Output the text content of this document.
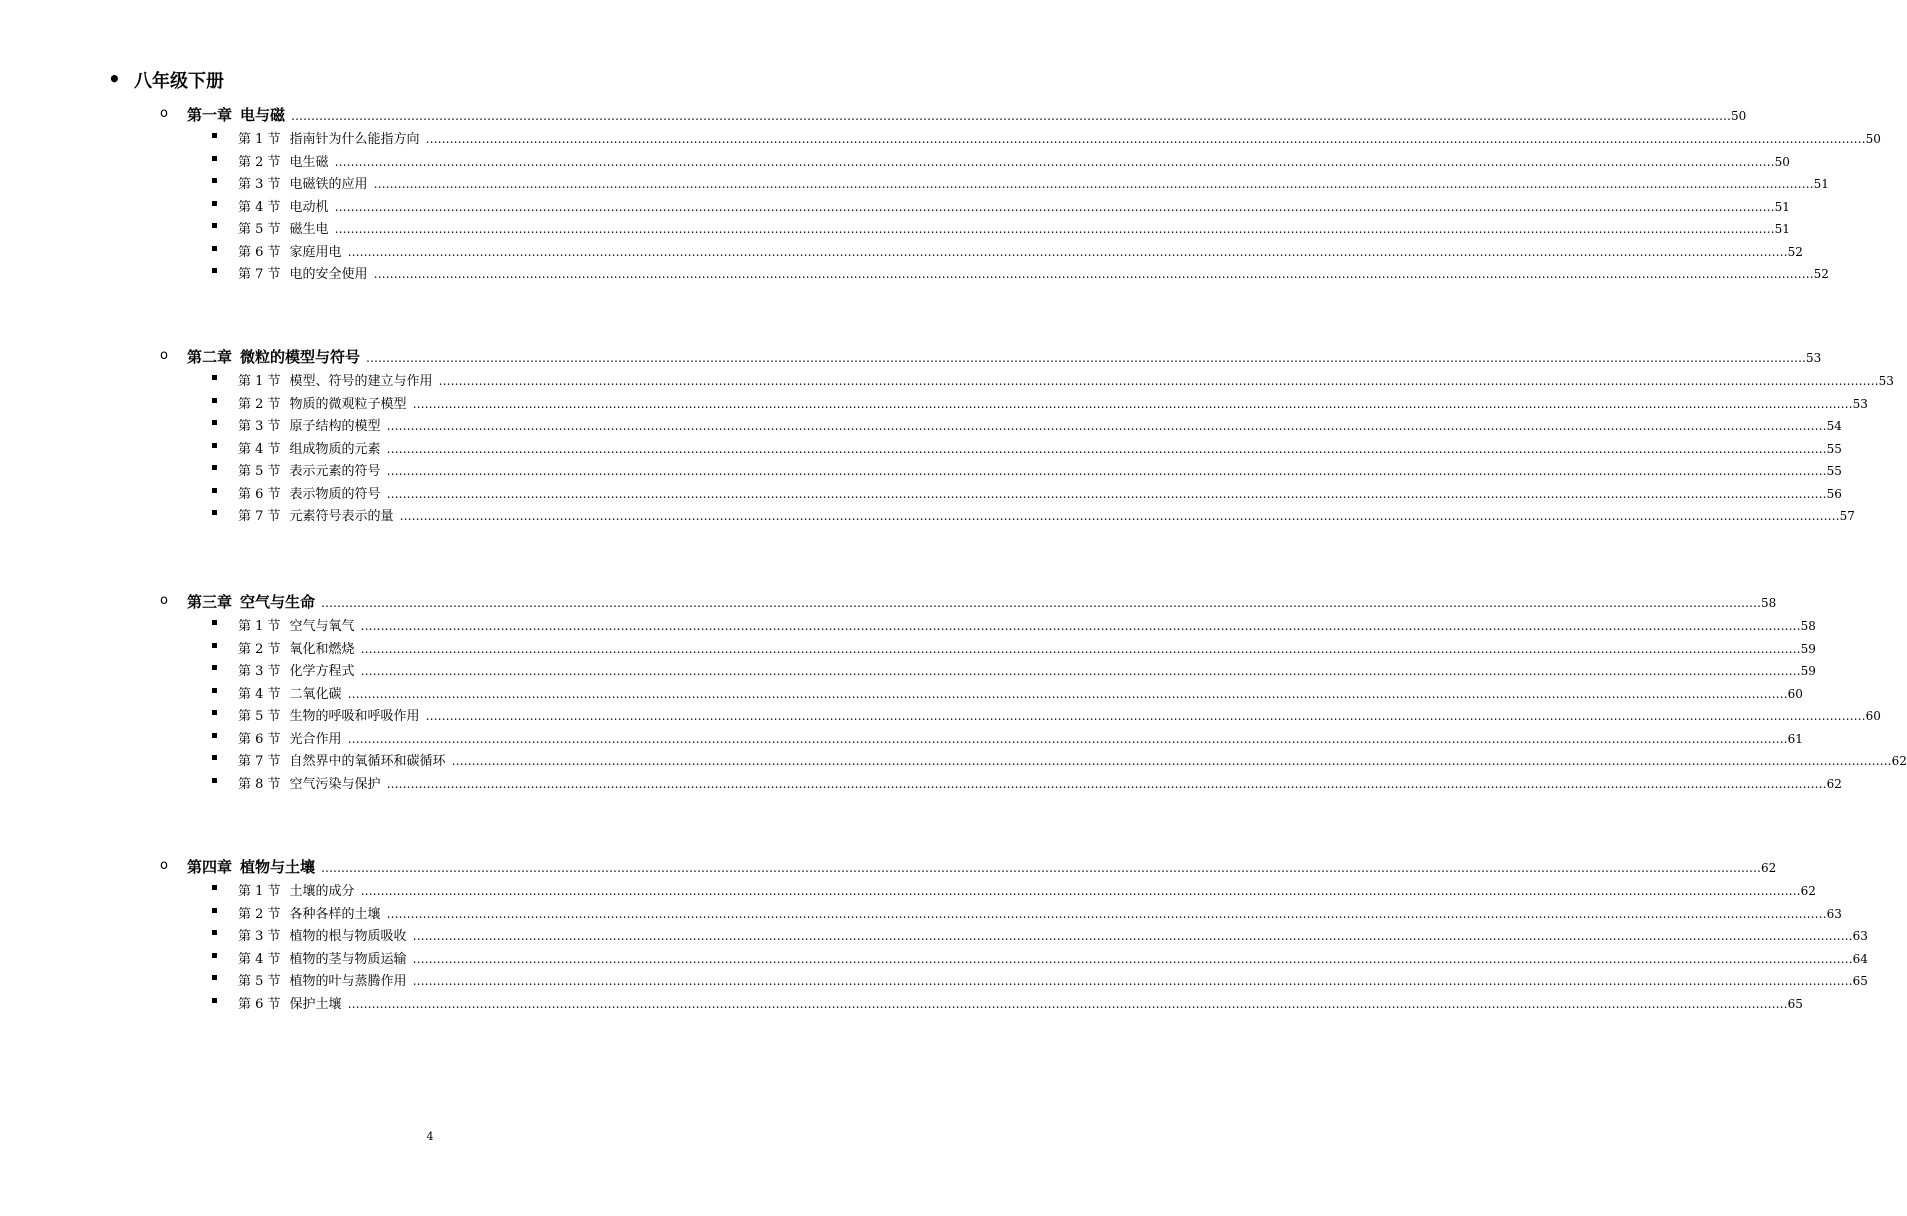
• 八年级下册
o 第一章 电与磁 ……………………………………………………………………………………………………………………………………………………………………………………………………………………………………………………………………………………………………………………………… 50
第 1 节 指南针为什么能指方向 ……………………………………………………………………………………………………………………………………………………………………………………………………………………………………………………………………………………………………………………………… 50
第 2 节 电生磁 ……………………………………………………………………………………………………………………………………………………………………………………………………………………………………………………………………………………………………………………………… 50
第 3 节 电磁铁的应用 ……………………………………………………………………………………………………………………………………………………………………………………………………………………………………………………………………………………………………………………………… 51
第 4 节 电动机 ……………………………………………………………………………………………………………………………………………………………………………………………………………………………………………………………………………………………………………………………… 51
第 5 节 磁生电 ……………………………………………………………………………………………………………………………………………………………………………………………………………………………………………………………………………………………………………………………… 51
第 6 节 家庭用电 ……………………………………………………………………………………………………………………………………………………………………………………………………………………………………………………………………………………………………………………………… 52
第 7 节 电的安全使用 ……………………………………………………………………………………………………………………………………………………………………………………………………………………………………………………………………………………………………………………………… 52
o 第二章 微粒的模型与符号 ……………………………………………………………………………………………………………………………………………………………………………………………………………………………………………………………………………………………………………………………… 53
第 1 节 模型、符号的建立与作用 ……………………………………………………………………………………………………………………………………………………………………………………………………………………………………………………………………………………………………………………………… 53
第 2 节 物质的微观粒子模型 ……………………………………………………………………………………………………………………………………………………………………………………………………………………………………………………………………………………………………………………………… 53
第 3 节 原子结构的模型 ……………………………………………………………………………………………………………………………………………………………………………………………………………………………………………………………………………………………………………………………… 54
第 4 节 组成物质的元素 ……………………………………………………………………………………………………………………………………………………………………………………………………………………………………………………………………………………………………………………………… 55
第 5 节 表示元素的符号 ……………………………………………………………………………………………………………………………………………………………………………………………………………………………………………………………………………………………………………………………… 55
第 6 节 表示物质的符号 ……………………………………………………………………………………………………………………………………………………………………………………………………………………………………………………………………………………………………………………………… 56
第 7 节 元素符号表示的量 ……………………………………………………………………………………………………………………………………………………………………………………………………………………………………………………………………………………………………………………………… 57
o 第三章 空气与生命 ……………………………………………………………………………………………………………………………………………………………………………………………………………………………………………………………………………………………………………………………… 58
第 1 节 空气与氧气 ……………………………………………………………………………………………………………………………………………………………………………………………………………………………………………………………………………………………………………………………… 58
第 2 节 氧化和燃烧 ……………………………………………………………………………………………………………………………………………………………………………………………………………………………………………………………………………………………………………………………… 59
第 3 节 化学方程式 ……………………………………………………………………………………………………………………………………………………………………………………………………………………………………………………………………………………………………………………………… 59
第 4 节 二氧化碳 ……………………………………………………………………………………………………………………………………………………………………………………………………………………………………………………………………………………………………………………………… 60
第 5 节 生物的呼吸和呼吸作用 ……………………………………………………………………………………………………………………………………………………………………………………………………………………………………………………………………………………………………………………………… 60
第 6 节 光合作用 ……………………………………………………………………………………………………………………………………………………………………………………………………………………………………………………………………………………………………………………………… 61
第 7 节 自然界中的氧循环和碳循环 ……………………………………………………………………………………………………………………………………………………………………………………………………………………………………………………………………………………………………………………………… 62
第 8 节 空气污染与保护 ……………………………………………………………………………………………………………………………………………………………………………………………………………………………………………………………………………………………………………………………… 62
o 第四章 植物与土壤 ……………………………………………………………………………………………………………………………………………………………………………………………………………………………………………………………………………………………………………………………… 62
第 1 节 土壤的成分 ……………………………………………………………………………………………………………………………………………………………………………………………………………………………………………………………………………………………………………………………… 62
第 2 节 各种各样的土壤 ……………………………………………………………………………………………………………………………………………………………………………………………………………………………………………………………………………………………………………………………… 63
第 3 节 植物的根与物质吸收 ……………………………………………………………………………………………………………………………………………………………………………………………………………………………………………………………………………………………………………………………… 63
第 4 节 植物的茎与物质运输 ……………………………………………………………………………………………………………………………………………………………………………………………………………………………………………………………………………………………………………………………… 64
第 5 节 植物的叶与蒸腾作用 ……………………………………………………………………………………………………………………………………………………………………………………………………………………………………………………………………………………………………………………………… 65
第 6 节 保护土壤 ……………………………………………………………………………………………………………………………………………………………………………………………………………………………………………………………………………………………………………………………… 65
4
